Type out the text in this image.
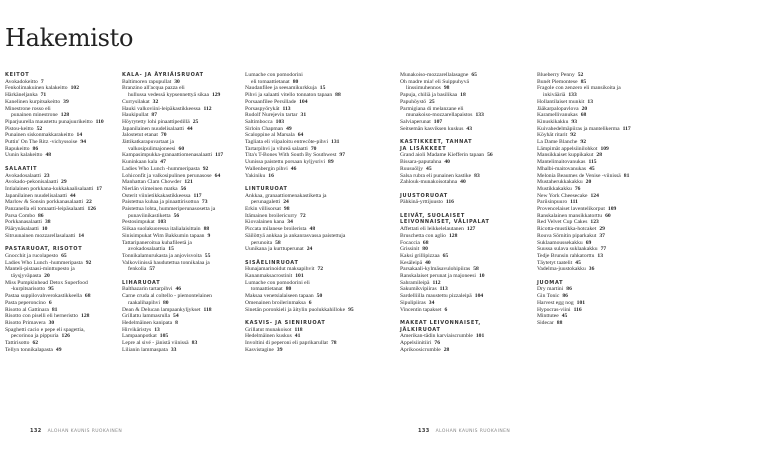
Hakemisto
KEITOT
Avokadokeitto 7
Fenkolimakuinen kalakeitto 102
Härkäneljanka 71
Kanelinen kurpitsakeitto 39
Minestrone rosso eli
punainen minestrone 128
Piparjuurella maustettu punajuurikeitto 110
Pistou-keitto 52
Punainen siskonmakkarakeitto 14
Puttin' On The Ritz -vichyssoise 94
Rapukeitto 86
Uunin kalakeitto 48
SALAATIT
Avokadosalaatti 23
Avokado-pekonisalaatti 29
Intialainen porkkana-kukkakaalisalaatti 17
Japanilainen nuudelisalaatti 44
Marlow & Sonsin porkkanasalaatti 22
Panzanella eli tomaatti-leipäsalaatti 126
Parsa Combo 86
Porkkanasalaatti 38
Päärynäsalaatti 10
Sitruunainen mozzarellasalaatti 14
PASTARUOAT, RISOTOT
Gnocchit ja rucolapesto 65
Ladies Who Lunch -hummeripasta 92
Manteli-pistaasi-minttupesto ja
täysjyväpasta 20
Miss Pumpkinhead Detox Superfood
-kurpitsarisotto 95
Pastaa suppilovahverokastikkeella 68
Pasta peperoncino 6
Risotto al Gattinara 81
Risotto con piselli eli herneristto 128
Risotto Primavera 30
Spaghetti cacio e pepe eli spagettia,
pecorinoa ja pippuria 126
Tattirisotto 62
Tellyn tonnikalapasta 49
KALA- JA ÄYRIÄISRUOAT
Baltimoren rapupullat 30
Branzino all'acqua pazza eli
hullussa vedessä kypsennettyä sikaa 129
Currysilakat 32
Hauki valkoviini-leipäkastikkeessa 112
Haukipullat 87
Höyrytetty lohi pinaattipedillä 25
Japanilainen nuudelisalaatti 44
Jalostetut etanat 70
Jättikatkarapuvartaat ja
valkosipulimajoneesi 60
Kampasimpukka-granaattiomenasalaatti 117
Kuninkaan kala 47
Ladies Who Lunch -hummeripasta 92
Lohiconfit ja valkosipulinen perunasose 64
Manhattan Clam Chowder 121
Nierlän viimeinen matka 56
Osterit viinietikkakastikkeessa 117
Paistettua kuhaa ja pinaattirisottoa 73
Paistettua lohta, hummeriperunasosetta ja
punaviinikastiketta 56
Pestosimpukat 103
Siikaa suolakuoressa italialaisittain 88
Sinisimpukat Wim Bakkumin tapaan 9
Tattaripaneroitua kuhafileetä ja
avokadosalaattia 15
Tonnikalamurukasta ja anjovisvoita 55
Valkoviinissä haudutettua tonnikalaa ja
fenkolia 57
LIHARUOAT
Balthazarin tartarpihvi 46
Carne cruda al coltello - piemontelainen
raakalihapihvi 80
Dean & Delucan lampaankyljykset 118
Grillattu lammasrulla 54
Hedelmäinen kanipata 8
Hirvikäristys 13
Lampaanpotkat 105
Lepre al sivé - jänistä viinissä 83
Lilianin lammaspata 33
Lumache con pomodorini
eli tomaattietanat 80
Naudanfilee ja seesamikurkkuja 15
Pihvi ja salaatti vitello tonnaton tapaan 88
Porsaanfilee Persillade 104
Porsaspyörykät 113
Rudolf Nurejevin tartar 31
Saltimbocca 103
Sirloin Chapman 49
Scaloppine al Marsala 64
Tagliata eli viipaloitu entrecôte-pihvi 131
Tartarpihvi ja vihreä salaatti 70
Tita's T-Bones With South By Southwest 97
Uunissa paistettu porsaan kyljysrivi 89
Wallenbergin pihvi 46
Yakiniku 16
LINTURUOAT
Ankkaa, granaattiomenakastiketta ja
perunagaletti 24
Erkin villisorsat 98
Itämainen broilericurry 72
Kiovalainen kana 34
Piccata milanese broilerista 48
Säilöttyä ankkaa ja ankanrasvassa paistettuja
perunoita 58
Uunikana ja kurttuperunat 24
SISÄELINRUOAT
Hunajamarinoidut maksapihvit 72
Kananmaksacrostinit 101
Lumache con pomodorini eli
tomaattietanat 80
Maksaa venetsialaiseen tapaan 50
Omenainen broilerinmaksa 6
Sinetän poronkieli ja äitylin puolukkahilloke 95
KASVIS- JA SIENIRUOAT
Grillatut munakoisot 118
Hedelmäinen kuskus 41
Involtini di peperoni eli paprikarullat 78
Kasvistagine 39
Munakoiso-mozzarellalasagne 65
Oh madre mia! eli Suippuhyvä
linssimuhennos 98
Papuja, chiliä ja basilikaa 18
Papuhöystö 25
Parmigiana di melanzane eli
munakoiso-mozzarellapaistos 133
Salviaperunat 107
Seitsemän kasviksen kuskus 43
KASTIKKEET, TAHNAT
JA LISÄKKEET
Grand aioli Madame Kiefferin tapaan 56
Bissara-paputahna 40
Ruusuöljy 45
Salsa rubra eli punainen kastike 83
Zahlouk-munakoisotahna 40
JUUSTORUOAT
Pähkinä-yrttijuusto 116
LEIVÄT, SUOLAISET
LEIVONNAISET, VÄLIPALAT
Affettati eli leikkelelautanen 127
Bruschetta con aglio 128
Focaccia 68
Grissinit 80
Kaksi grillipizzaa 65
Kesäleipä 40
Parsakaali-kylmäsavulohipiiras 58
Ranskalaiset perunat ja majoneesi 10
Sahramileipä 112
Sakumikvipiiras 113
Sardelliilla maustettu pizzaleipä 104
Sipulipiiras 34
Vincentin tapakset 6
MAKEAT LEIVONNAISET,
JÄLKIRUOAT
Amerikan-tädin karviaiscrumble 101
Appelsiinitiiri 76
Aprikoosicrumble 28
Blueberry Penny 52
Bunét Piemontese 85
Fragole con zenzero eli mansikoita ja
inkivääriä 133
Hollantilaiset munkit 13
Jääkarpalopavlova 20
Karamellivanukas 68
Kinuskikakku 93
Kuivahedelmäpiiras ja mantelikerma 117
Köyhät ritarit 92
La Dame Blanche 92
Lämpimät appelsiinilohkot 109
Mansikkaiset kuppikakut 28
Mantelimaitovanukas 115
Mhalbi-maitovanukas 45
Melonia Beaumes de Venise -viinissä 81
Mustaherukkakakku 20
Mustikkakakku 76
New York Cheesecake 124
Pariisinpuuro 111
Provencelaiset laventelikorput 109
Ranskalainen mansikkatorttu 60
Red Velvet Cup Cakes 123
Ricotta-mustikka-hotcaket 29
Rouva Sörnitin piparkakut 37
Suklaamoussekakku 69
Suussa sulava suklaakakku 77
Tedje Brunsin rahkatorttu 13
Täytetyt taatelit 45
Vadelma-juustokakku 36
JUOMAT
Dry martini 86
Gin Tonic 86
Harvest egg nog 101
Hypocras-viini 116
Minttutee 45
Sidecar 88
132 ALOHAN KAUNIS RUOKAINEN	133 ALOHAN KAUNIS RUOKAINEN
